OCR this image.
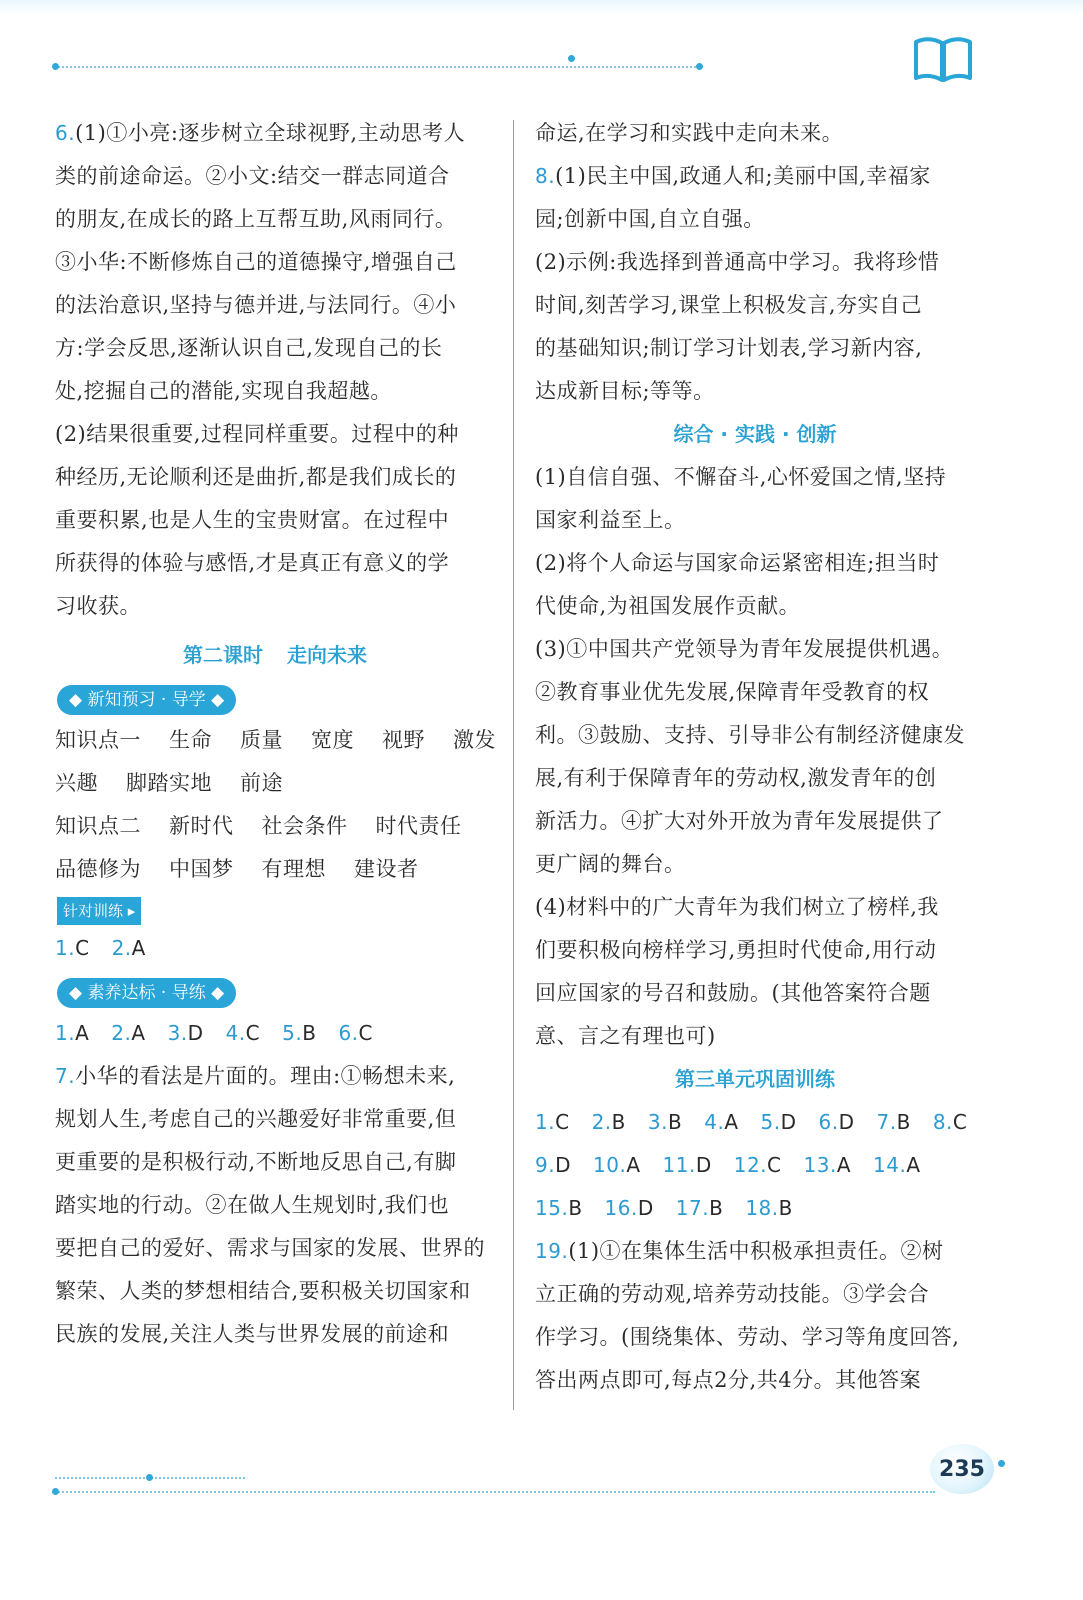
6.(1)①小亮:逐步树立全球视野,主动思考人

类的前途命运。②小文:结交一群志同道合

的朋友,在成长的路上互帮互助,风雨同行。

③小华:不断修炼自己的道德操守,增强自己

的法治意识,坚持与德并进,与法同行。④小

方:学会反思,逐渐认识自己,发现自己的长

处,挖掘自己的潜能,实现自我超越。

(2)结果很重要,过程同样重要。过程中的种

种经历,无论顺利还是曲折,都是我们成长的

重要积累,也是人生的宝贵财富。在过程中

所获得的体验与感悟,才是真正有意义的学

习收获。

第二课时 走向未来

◆ 新知预习 · 导学 ◆

知识点一 生命 质量 宽度 视野 激发

兴趣 脚踏实地 前途

知识点二 新时代 社会条件 时代责任

品德修为 中国梦 有理想 建设者

针对训练 ▸

1.C 2.A

◆ 素养达标 · 导练 ◆

1.A 2.A 3.D 4.C 5.B 6.C

7.小华的看法是片面的。理由:①畅想未来,

规划人生,考虑自己的兴趣爱好非常重要,但

更重要的是积极行动,不断地反思自己,有脚

踏实地的行动。②在做人生规划时,我们也

要把自己的爱好、需求与国家的发展、世界的

繁荣、人类的梦想相结合,要积极关切国家和

民族的发展,关注人类与世界发展的前途和

命运,在学习和实践中走向未来。

8.(1)民主中国,政通人和;美丽中国,幸福家

园;创新中国,自立自强。

(2)示例:我选择到普通高中学习。我将珍惜

时间,刻苦学习,课堂上积极发言,夯实自己

的基础知识;制订学习计划表,学习新内容,

达成新目标;等等。

综合 · 实践 · 创新

(1)自信自强、不懈奋斗,心怀爱国之情,坚持

国家利益至上。

(2)将个人命运与国家命运紧密相连;担当时

代使命,为祖国发展作贡献。

(3)①中国共产党领导为青年发展提供机遇。

②教育事业优先发展,保障青年受教育的权

利。③鼓励、支持、引导非公有制经济健康发

展,有利于保障青年的劳动权,激发青年的创

新活力。④扩大对外开放为青年发展提供了

更广阔的舞台。

(4)材料中的广大青年为我们树立了榜样,我

们要积极向榜样学习,勇担时代使命,用行动

回应国家的号召和鼓励。(其他答案符合题

意、言之有理也可)

第三单元巩固训练

1.C 2.B 3.B 4.A 5.D 6.D 7.B 8.C

9.D 10.A 11.D 12.C 13.A 14.A

15.B 16.D 17.B 18.B

19.(1)①在集体生活中积极承担责任。②树

立正确的劳动观,培养劳动技能。③学会合

作学习。(围绕集体、劳动、学习等角度回答,

答出两点即可,每点2分,共4分。其他答案

235
